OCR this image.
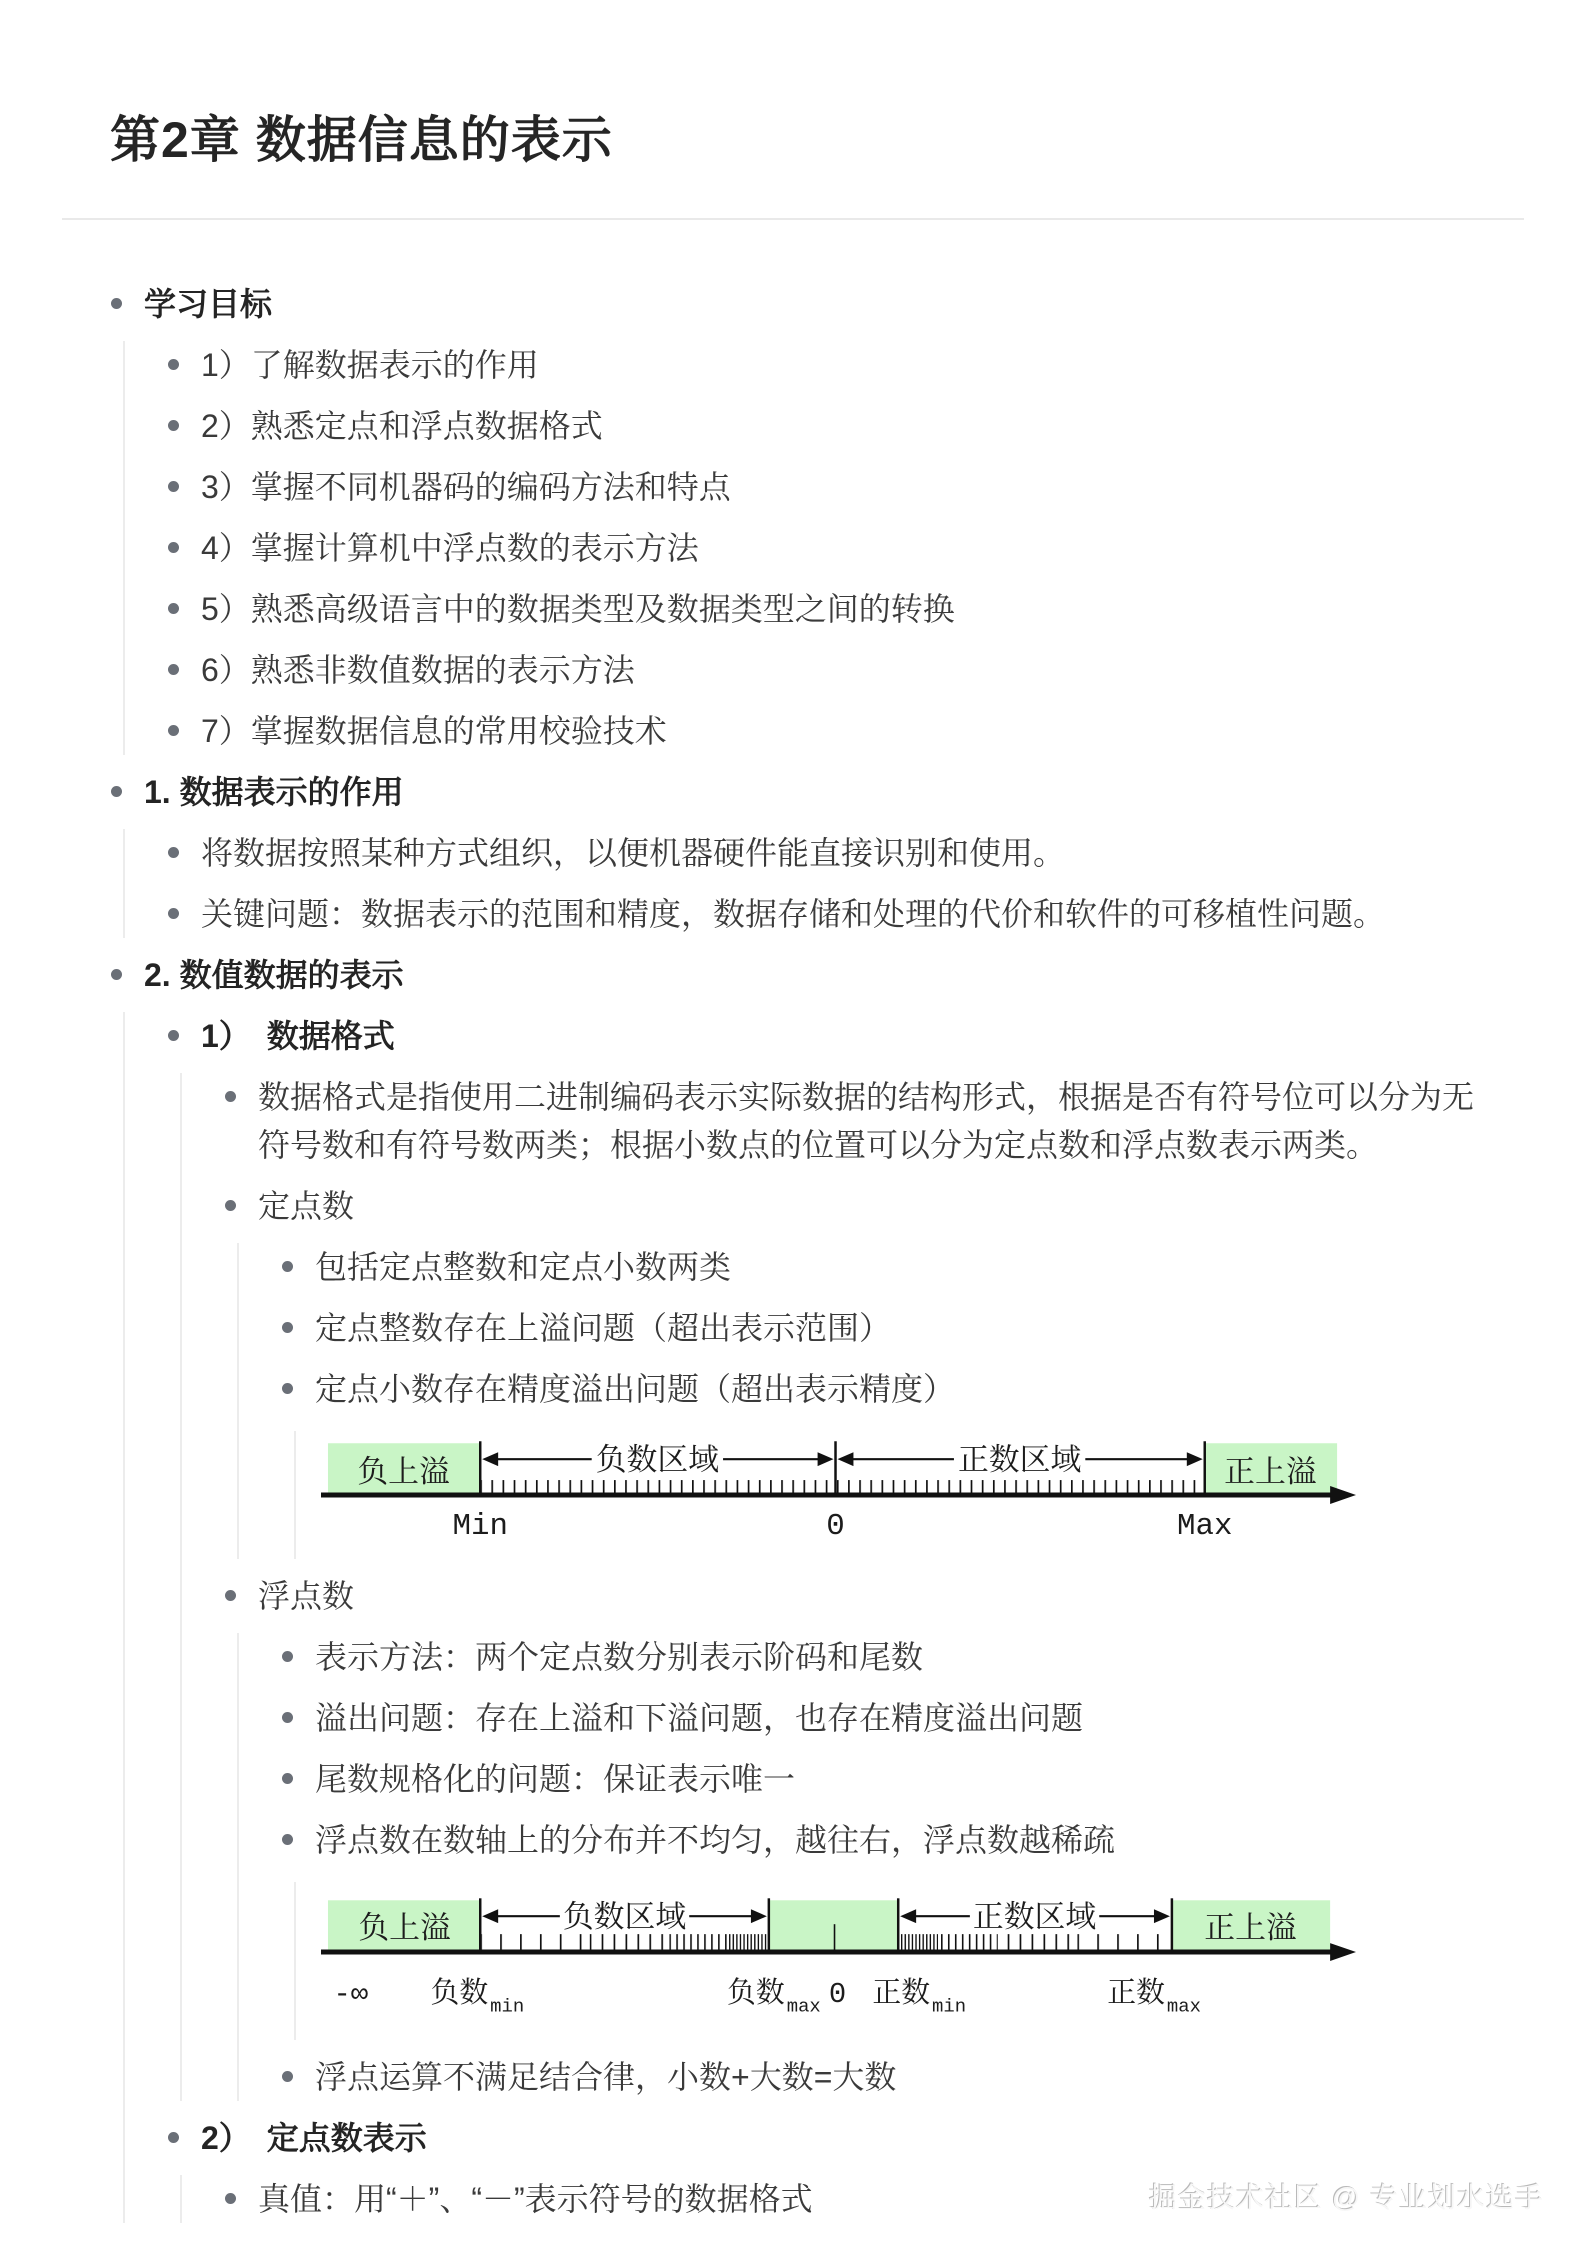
第2章 数据信息的表示
学习目标
1）了解数据表示的作用
2）熟悉定点和浮点数据格式
3）掌握不同机器码的编码方法和特点
4）掌握计算机中浮点数的表示方法
5）熟悉高级语言中的数据类型及数据类型之间的转换
6）熟悉非数值数据的表示方法
7）掌握数据信息的常用校验技术
1. 数据表示的作用
将数据按照某种方式组织，以便机器硬件能直接识别和使用。
关键问题：数据表示的范围和精度，数据存储和处理的代价和软件的可移植性问题。
2. 数值数据的表示
1）　数据格式
数据格式是指使用二进制编码表示实际数据的结构形式，根据是否有符号位可以分为无符号数和有符号数两类；根据小数点的位置可以分为定点数和浮点数表示两类。
定点数
包括定点整数和定点小数两类
定点整数存在上溢问题（超出表示范围）
定点小数存在精度溢出问题（超出表示精度）
负数区域	正数区域
负上溢	正上溢
Min	0	Max
浮点数
表示方法：两个定点数分别表示阶码和尾数
溢出问题：存在上溢和下溢问题，也存在精度溢出问题
尾数规格化的问题：保证表示唯一
浮点数在数轴上的分布并不均匀，越往右，浮点数越稀疏
负数区域	正数区域
负上溢	正上溢
-∞ 负数 min	负数 max 0 正数 min	正数 max
浮点运算不满足结合律，小数+大数=大数
2）　定点数表示
真值：用“＋”、“－”表示符号的数据格式	掘金技术社区 @ 专业划水选手
